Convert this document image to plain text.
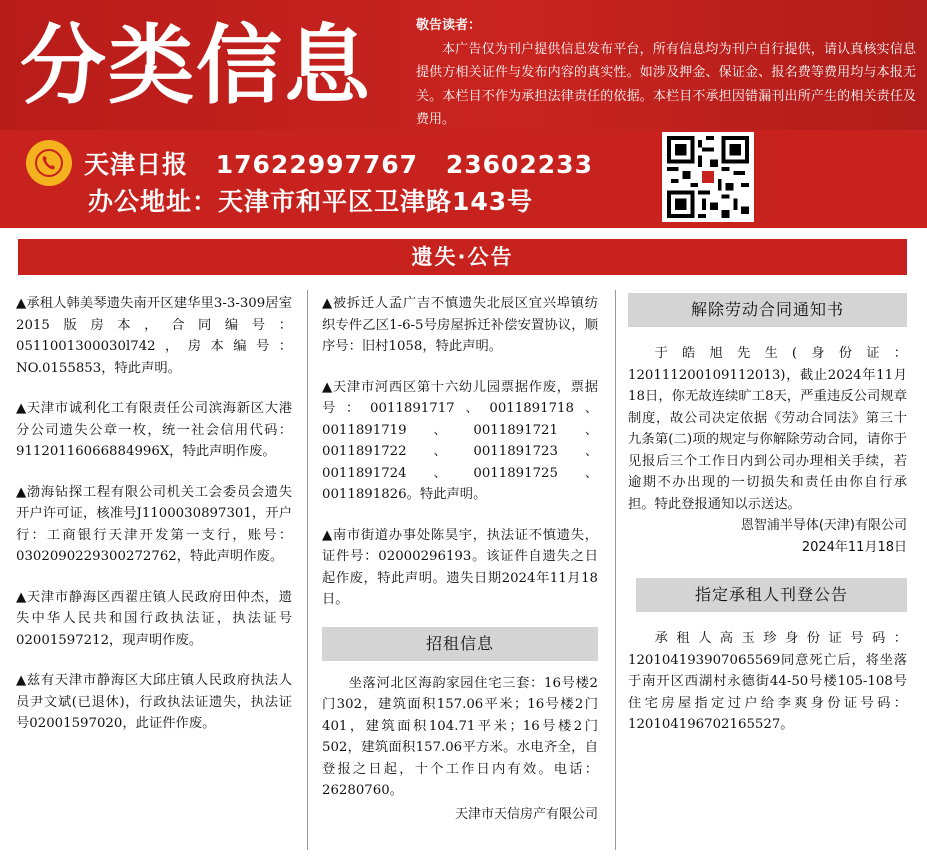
分类信息	敬告读者：
本广告仅为刊户提供信息发布平台，所有信息均为刊户自行提供，请认真核实信息提供方相关证件与发布内容的真实性。如涉及押金、保证金、报名费等费用均与本报无关。本栏目不作为承担法律责任的依据。本栏目不承担因错漏刊出所产生的相关责任及费用。
天津日报 17622997767 23602233
办公地址：天津市和平区卫津路143号
遗失·公告

▲承租人韩美琴遗失南开区建华里3-3-309居室2015版房本，合同编号：0511001300030l742，房本编号：NO.0155853，特此声明。

▲天津市诚利化工有限责任公司滨海新区大港分公司遗失公章一枚，统一社会信用代码：91120116066884996X，特此声明作废。

▲渤海钻探工程有限公司机关工会委员会遗失开户许可证，核准号J1100030897301，开户行：工商银行天津开发第一支行，账号：0302090229300272762，特此声明作废。

▲天津市静海区西翟庄镇人民政府田仲杰，遗失中华人民共和国行政执法证，执法证号02001597212，现声明作废。

▲兹有天津市静海区大邱庄镇人民政府执法人员尹文斌(已退休)，行政执法证遗失，执法证号02001597020，此证件作废。

▲被拆迁人孟广吉不慎遗失北辰区宜兴埠镇纺织专件乙区1-6-5号房屋拆迁补偿安置协议，顺序号：旧村1058，特此声明。

▲天津市河西区第十六幼儿园票据作废，票据号：0011891717、0011891718、0011891719、0011891721、0011891722、0011891723、0011891724、0011891725、0011891826。特此声明。

▲南市街道办事处陈昊宇，执法证不慎遗失，证件号：02000296193。该证件自遗失之日起作废，特此声明。遗失日期2024年11月18日。

招租信息

坐落河北区海韵家园住宅三套：16号楼2门302，建筑面积157.06平米；16号楼2门401，建筑面积104.71平米；16号楼2门502，建筑面积157.06平方米。水电齐全，自登报之日起，十个工作日内有效。电话：26280760。

天津市天信房产有限公司

解除劳动合同通知书

于皓旭先生(身份证：120111200109112013)，截止2024年11月18日，你无故连续旷工8天，严重违反公司规章制度，故公司决定依据《劳动合同法》第三十九条第(二)项的规定与你解除劳动合同，请你于见报后三个工作日内到公司办理相关手续，若逾期不办出现的一切损失和责任由你自行承担。特此登报通知以示送达。

恩智浦半导体(天津)有限公司

2024年11月18日

指定承租人刊登公告

承租人高玉珍身份证号码：120104193907065569同意死亡后，将坐落于南开区西湖村永德街44-50号楼105-108号住宅房屋指定过户给李爽身份证号码：120104196702165527。
